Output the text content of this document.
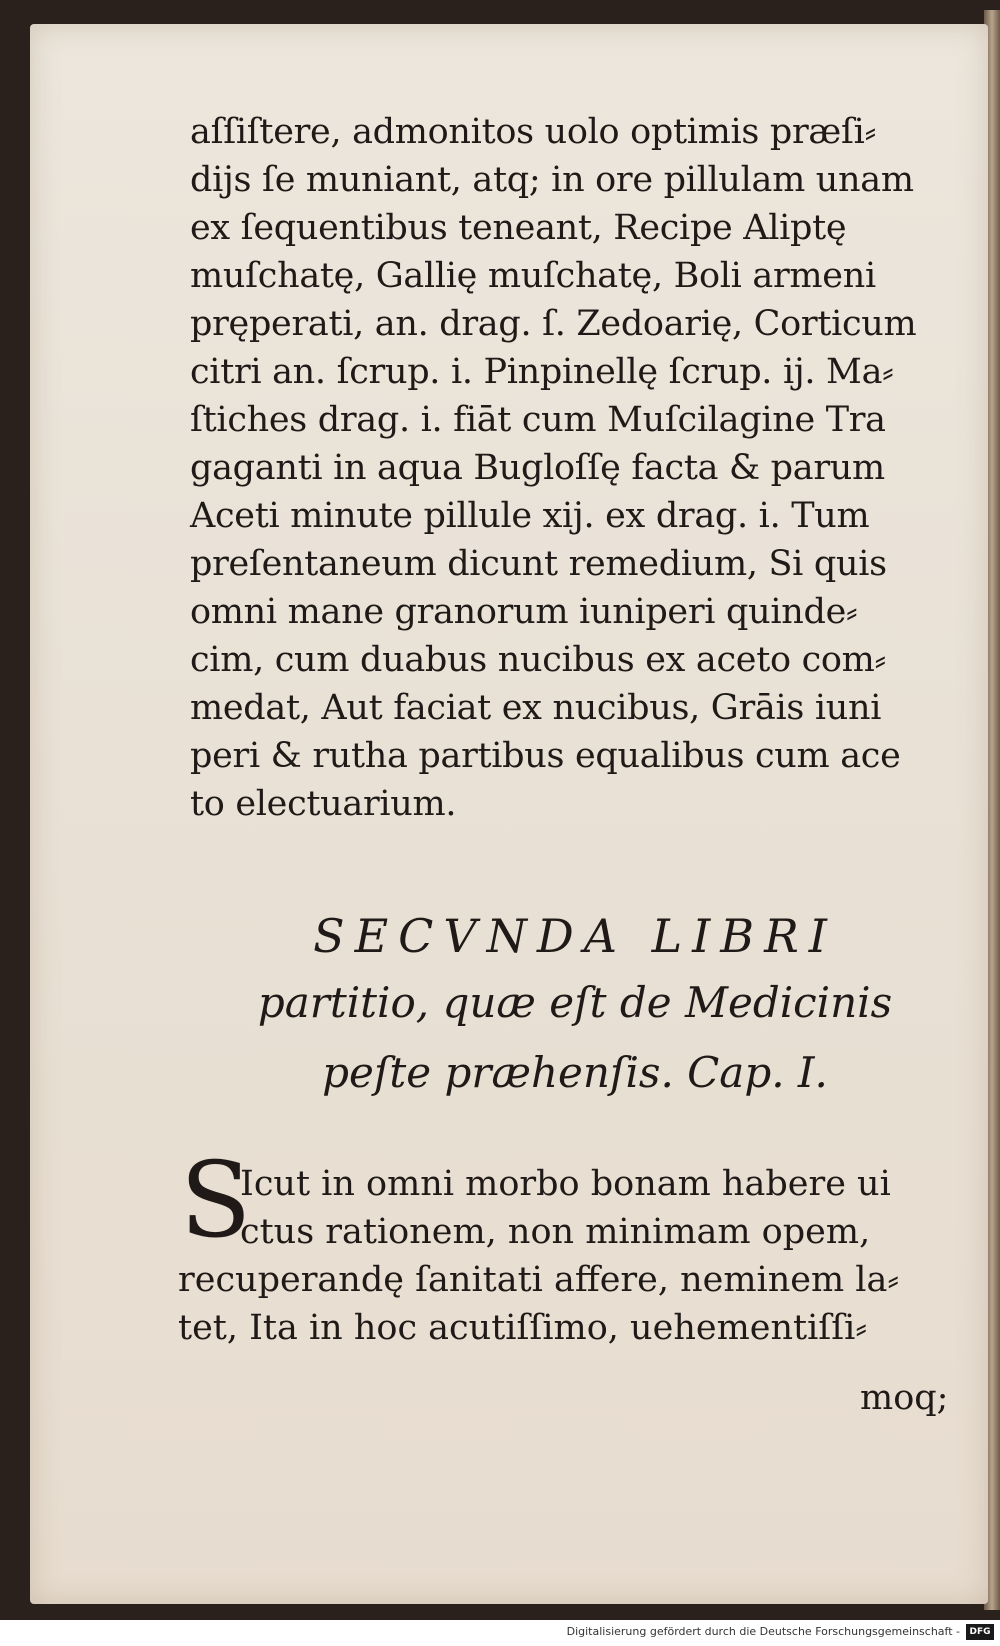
aſſiſtere, admonitos uolo optimis præſi⸗
dijs ſe muniant, atq; in ore pillulam unam
ex ſequentibus teneant, Recipe Aliptę
muſchatę, Gallię muſchatę, Boli armeni
pręperati, an. drag. ſ. Zedoarię, Corticum
citri an. ſcrup. i. Pinpinellę ſcrup. ij. Ma⸗
ſtiches drag. i. fiāt cum Muſcilagine Tra
gaganti in aqua Bugloſſę facta & parum
Aceti minute pillule xij. ex drag. i. Tum
preſentaneum dicunt remedium, Si quis
omni mane granorum iuniperi quinde⸗
cim, cum duabus nucibus ex aceto com⸗
medat, Aut faciat ex nucibus, Grāis iuni
peri & rutha partibus equalibus cum ace
to electuarium.
SECVNDA LIBRI
partitio, quæ eſt de Medicinis
peſte præhenſis. Cap. I.
S
Icut in omni morbo bonam habere ui
ctus rationem, non minimam opem,
recuperandę ſanitati affere, neminem la⸗
tet, Ita in hoc acutiſſimo, uehementiſſi⸗
moq;
Digitalisierung gefördert durch die Deutsche Forschungsgemeinschaft -	DFG
